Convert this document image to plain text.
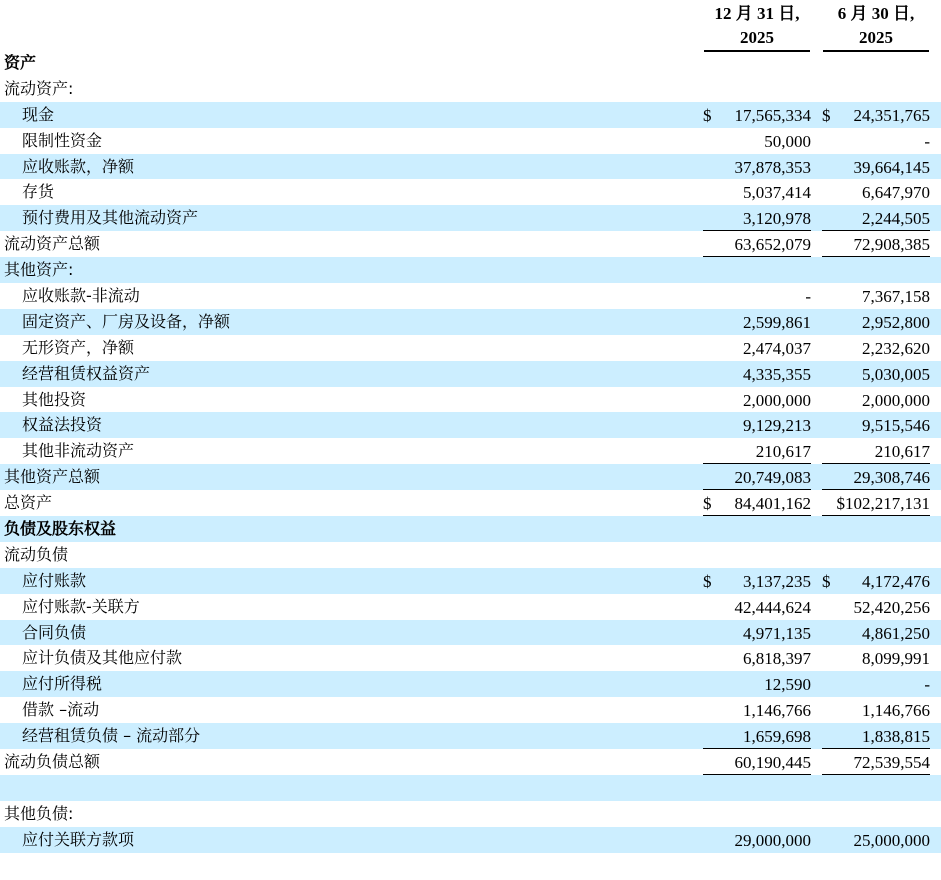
12 月 31 日,
2025
6 月 30 日,
2025
资产
流动资产:
现金	$ 17,565,334 $ 24,351,765
限制性资金	50,000	-
应收账款，净额	37,878,353	39,664,145
存货	5,037,414	6,647,970
预付费用及其他流动资产	3,120,978	2,244,505
流动资产总额	63,652,079	72,908,385
其他资产:
应收账款-非流动	-	7,367,158
固定资产、厂房及设备，净额	2,599,861	2,952,800
无形资产，净额	2,474,037	2,232,620
经营租赁权益资产	4,335,355	5,030,005
其他投资	2,000,000	2,000,000
权益法投资	9,129,213	9,515,546
其他非流动资产	210,617	210,617
其他资产总额	20,749,083	29,308,746
总资产	$ 84,401,162 $102,217,131
负债及股东权益
流动负债
应付账款	$ 3,137,235 $ 4,172,476
应付账款-关联方	42,444,624	52,420,256
合同负债	4,971,135	4,861,250
应计负债及其他应付款	6,818,397	8,099,991
应付所得税	12,590	-
借款 –流动	1,146,766	1,146,766
经营租赁负债 – 流动部分	1,659,698	1,838,815
流动负债总额	60,190,445	72,539,554
其他负债:
应付关联方款项	29,000,000	25,000,000
